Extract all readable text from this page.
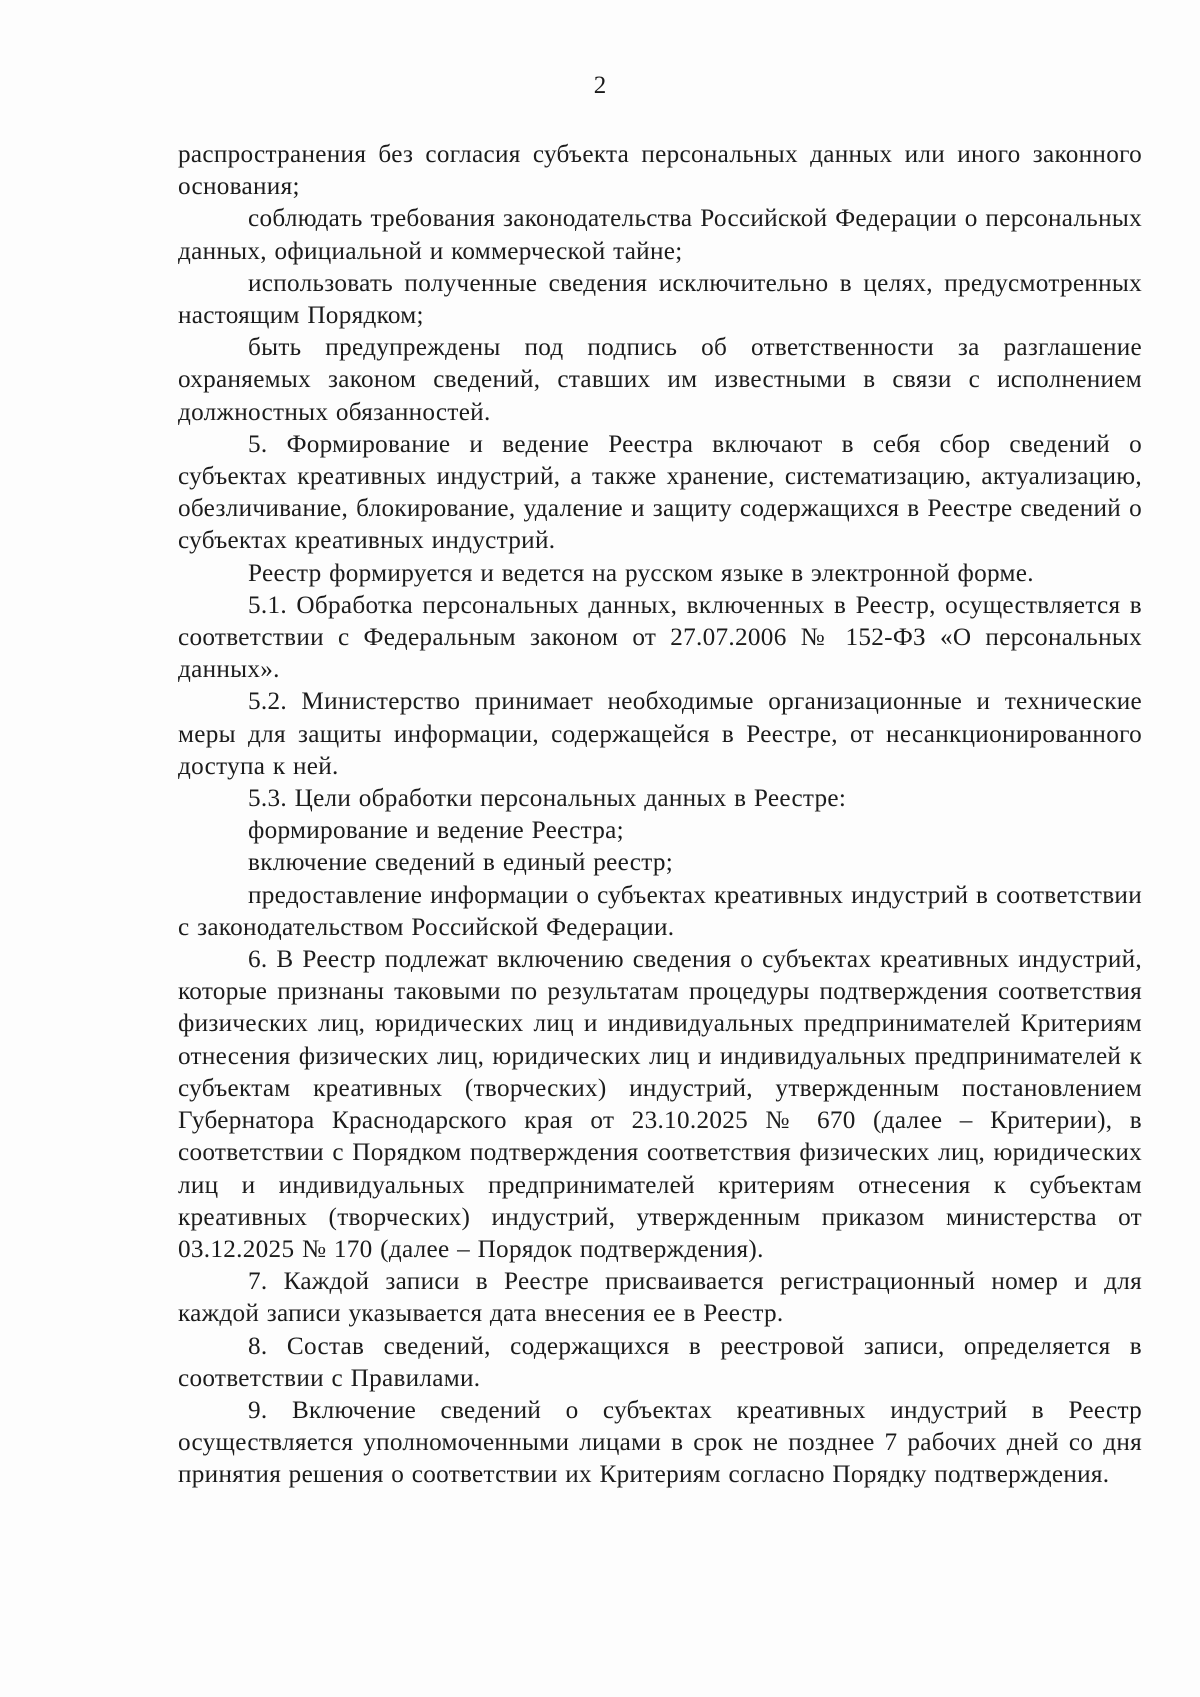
2

распространения без согласия субъекта персональных данных или иного законного основания;

соблюдать требования законодательства Российской Федерации о персональных данных, официальной и коммерческой тайне;

использовать полученные сведения исключительно в целях, предусмотренных настоящим Порядком;

быть предупреждены под подпись об ответственности за разглашение охраняемых законом сведений, ставших им известными в связи с исполнением должностных обязанностей.

5. Формирование и ведение Реестра включают в себя сбор сведений о субъектах креативных индустрий, а также хранение, систематизацию, актуализацию, обезличивание, блокирование, удаление и защиту содержащихся в Реестре сведений о субъектах креативных индустрий.

Реестр формируется и ведется на русском языке в электронной форме.

5.1. Обработка персональных данных, включенных в Реестр, осуществляется в соответствии с Федеральным законом от 27.07.2006 № 152-ФЗ «О персональных данных».

5.2. Министерство принимает необходимые организационные и технические меры для защиты информации, содержащейся в Реестре, от несанкционированного доступа к ней.

5.3. Цели обработки персональных данных в Реестре:

формирование и ведение Реестра;

включение сведений в единый реестр;

предоставление информации о субъектах креативных индустрий в соответствии с законодательством Российской Федерации.

6. В Реестр подлежат включению сведения о субъектах креативных индустрий, которые признаны таковыми по результатам процедуры подтверждения соответствия физических лиц, юридических лиц и индивидуальных предпринимателей Критериям отнесения физических лиц, юридических лиц и индивидуальных предпринимателей к субъектам креативных (творческих) индустрий, утвержденным постановлением Губернатора Краснодарского края от 23.10.2025 № 670 (далее – Критерии), в соответствии с Порядком подтверждения соответствия физических лиц, юридических лиц и индивидуальных предпринимателей критериям отнесения к субъектам креативных (творческих) индустрий, утвержденным приказом министерства от 03.12.2025 № 170 (далее – Порядок подтверждения).

7. Каждой записи в Реестре присваивается регистрационный номер и для каждой записи указывается дата внесения ее в Реестр.

8. Состав сведений, содержащихся в реестровой записи, определяется в соответствии с Правилами.

9. Включение сведений о субъектах креативных индустрий в Реестр осуществляется уполномоченными лицами в срок не позднее 7 рабочих дней со дня принятия решения о соответствии их Критериям согласно Порядку подтверждения.
